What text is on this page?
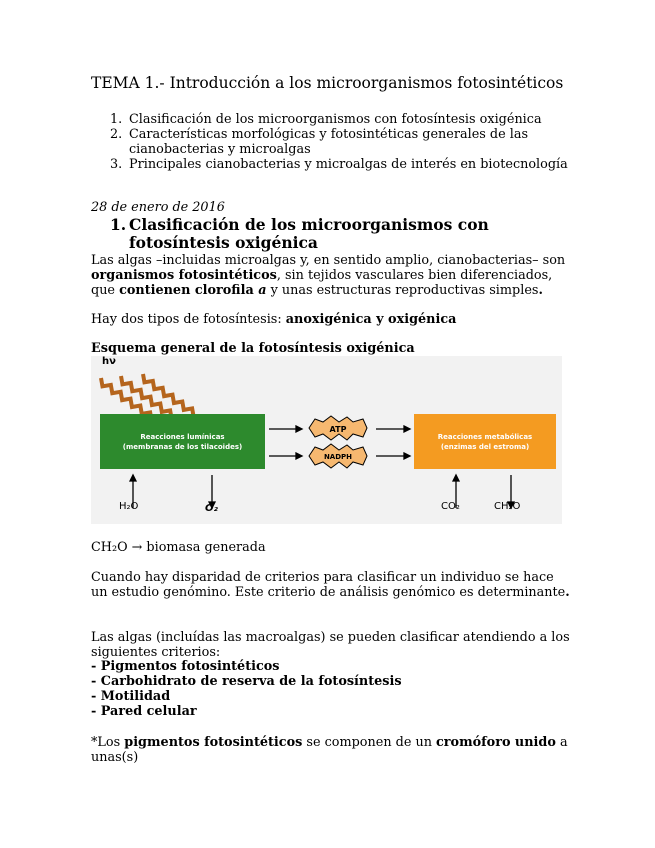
TEMA 1.- Introducción a los microorganismos fotosintéticos
1. Clasificación de los microorganismos con fotosíntesis oxigénica
2. Características morfológicas y fotosintéticas generales de las cianobacterias y microalgas
3. Principales cianobacterias y microalgas de interés en biotecnología
28 de enero de 2016
1. Clasificación de los microorganismos con fotosíntesis oxigénica

Las algas –incluidas microalgas y, en sentido amplio, cianobacterias– son organismos fotosintéticos, sin tejidos vasculares bien diferenciados, que contienen clorofila a y unas estructuras reproductivas simples.

Hay dos tipos de fotosíntesis: anoxigénica y oxigénica

Esquema general de la fotosíntesis oxigénica
ATP
NADPH
hν
Reacciones lumínicas
(membranas de los tilacoides)
Reacciones metabólicas
(enzimas del estroma)
H₂O	O₂	CO₂	CH₂O

CH₂O → biomasa generada

Cuando hay disparidad de criterios para clasificar un individuo se hace un estudio genómino. Este criterio de análisis genómico es determinante.

Las algas (incluídas las macroalgas) se pueden clasificar atendiendo a los siguientes criterios:

- Pigmentos fotosintéticos
- Carbohidrato de reserva de la fotosíntesis
- Motilidad
- Pared celular

*Los pigmentos fotosintéticos se componen de un cromóforo unido a unas(s)
